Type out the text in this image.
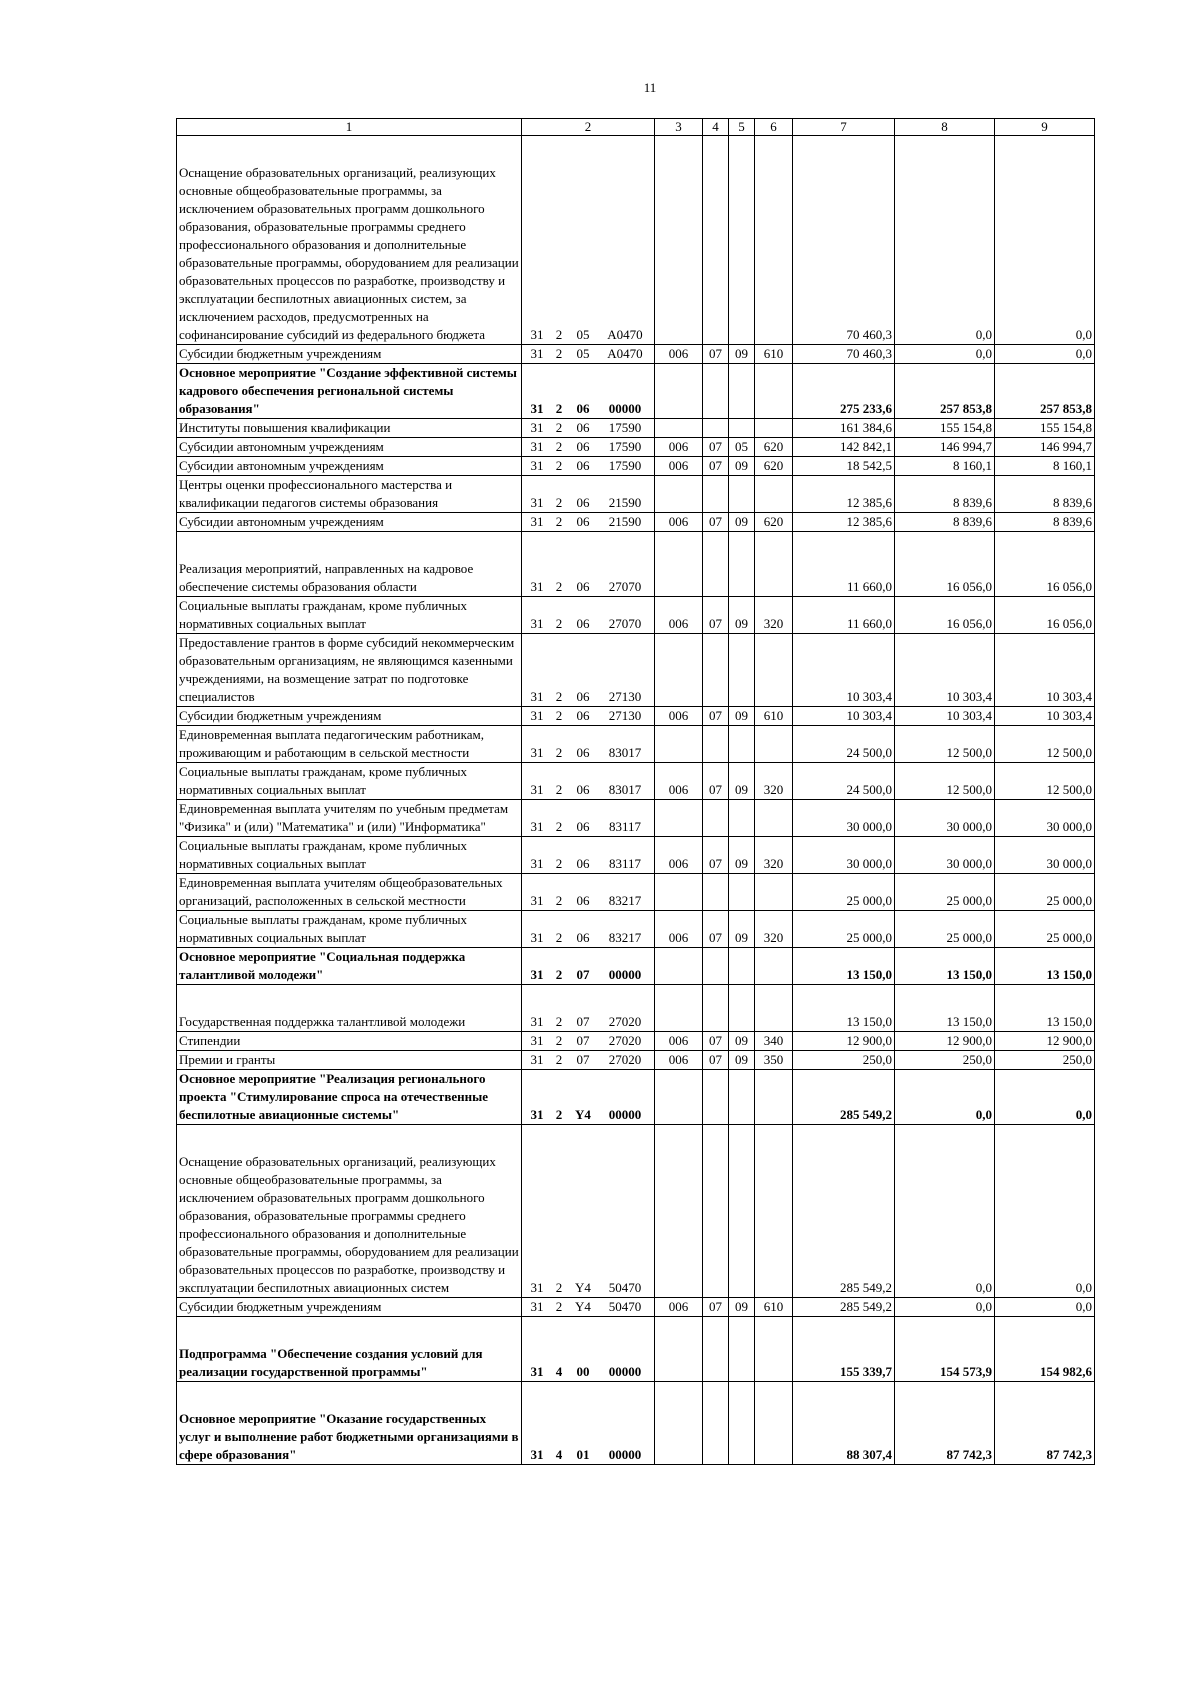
11
1	2	3	4	5	6	7	8	9

Оснащение образовательных организаций, реализующих основные общеобразовательные программы, за исключением образовательных программ дошкольного образования, образовательные программы среднего профессионального образования и дополнительные образовательные программы, оборудованием для реализации образовательных процессов по разработке, производству и эксплуатации беспилотных авиационных систем, за исключением расходов, предусмотренных на софинансирование субсидий из федерального бюджета	31 2 05 А0470					70 460,3	0,0	0,0
Субсидии бюджетным учреждениям	31 2 05 А0470	006	07	09	610	70 460,3	0,0	0,0
Основное мероприятие "Создание эффективной системы кадрового обеспечения региональной системы образования"	31 2 06 00000					275 233,6	257 853,8	257 853,8
Институты повышения квалификации	31 2 06 17590					161 384,6	155 154,8	155 154,8
Субсидии автономным учреждениям	31 2 06 17590	006	07	05	620	142 842,1	146 994,7	146 994,7
Субсидии автономным учреждениям	31 2 06 17590	006	07	09	620	18 542,5	8 160,1	8 160,1
Центры оценки профессионального мастерства и квалификации педагогов системы образования	31 2 06 21590					12 385,6	8 839,6	8 839,6
Субсидии автономным учреждениям	31 2 06 21590	006	07	09	620	12 385,6	8 839,6	8 839,6

Реализация мероприятий, направленных на кадровое обеспечение системы образования области	31 2 06 27070					11 660,0	16 056,0	16 056,0
Социальные выплаты гражданам, кроме публичных нормативных социальных выплат	31 2 06 27070	006	07	09	320	11 660,0	16 056,0	16 056,0
Предоставление грантов в форме субсидий некоммерческим образовательным организациям, не являющимся казенными учреждениями, на возмещение затрат по подготовке специалистов	31 2 06 27130					10 303,4	10 303,4	10 303,4
Субсидии бюджетным учреждениям	31 2 06 27130	006	07	09	610	10 303,4	10 303,4	10 303,4
Единовременная выплата педагогическим работникам, проживающим и работающим в сельской местности	31 2 06 83017					24 500,0	12 500,0	12 500,0
Социальные выплаты гражданам, кроме публичных нормативных социальных выплат	31 2 06 83017	006	07	09	320	24 500,0	12 500,0	12 500,0
Единовременная выплата учителям по учебным предметам "Физика" и (или) "Математика" и (или) "Информатика"	31 2 06 83117					30 000,0	30 000,0	30 000,0
Социальные выплаты гражданам, кроме публичных нормативных социальных выплат	31 2 06 83117	006	07	09	320	30 000,0	30 000,0	30 000,0
Единовременная выплата учителям общеобразовательных организаций, расположенных в сельской местности	31 2 06 83217					25 000,0	25 000,0	25 000,0
Социальные выплаты гражданам, кроме публичных нормативных социальных выплат	31 2 06 83217	006	07	09	320	25 000,0	25 000,0	25 000,0
Основное мероприятие "Социальная поддержка талантливой молодежи"	31 2 07 00000					13 150,0	13 150,0	13 150,0

Государственная поддержка талантливой молодежи	31 2 07 27020					13 150,0	13 150,0	13 150,0
Стипендии	31 2 07 27020	006	07	09	340	12 900,0	12 900,0	12 900,0
Премии и гранты	31 2 07 27020	006	07	09	350	250,0	250,0	250,0
Основное мероприятие "Реализация регионального проекта "Стимулирование спроса на отечественные беспилотные авиационные системы"	31 2 Y4 00000					285 549,2	0,0	0,0

Оснащение образовательных организаций, реализующих основные общеобразовательные программы, за исключением образовательных программ дошкольного образования, образовательные программы среднего профессионального образования и дополнительные образовательные программы, оборудованием для реализации образовательных процессов по разработке, производству и эксплуатации беспилотных авиационных систем	31 2 Y4 50470					285 549,2	0,0	0,0
Субсидии бюджетным учреждениям	31 2 Y4 50470	006	07	09	610	285 549,2	0,0	0,0

Подпрограмма "Обеспечение создания условий для реализации государственной программы"	31 4 00 00000					155 339,7	154 573,9	154 982,6

Основное мероприятие "Оказание государственных услуг и выполнение работ бюджетными организациями в сфере образования"	31 4 01 00000					88 307,4	87 742,3	87 742,3
